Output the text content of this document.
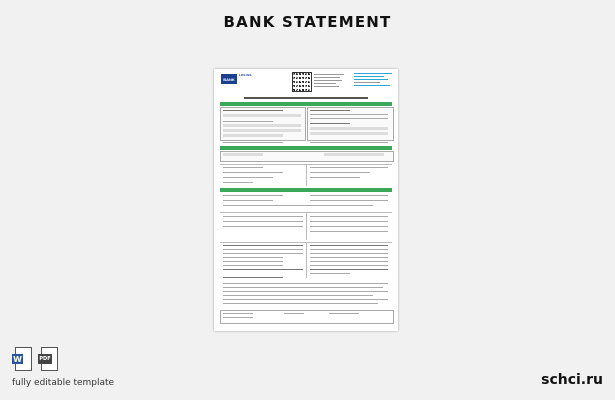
BANK STATEMENT
BANK
LIFE INS.
W	PDF
fully editable template	schci.ru
